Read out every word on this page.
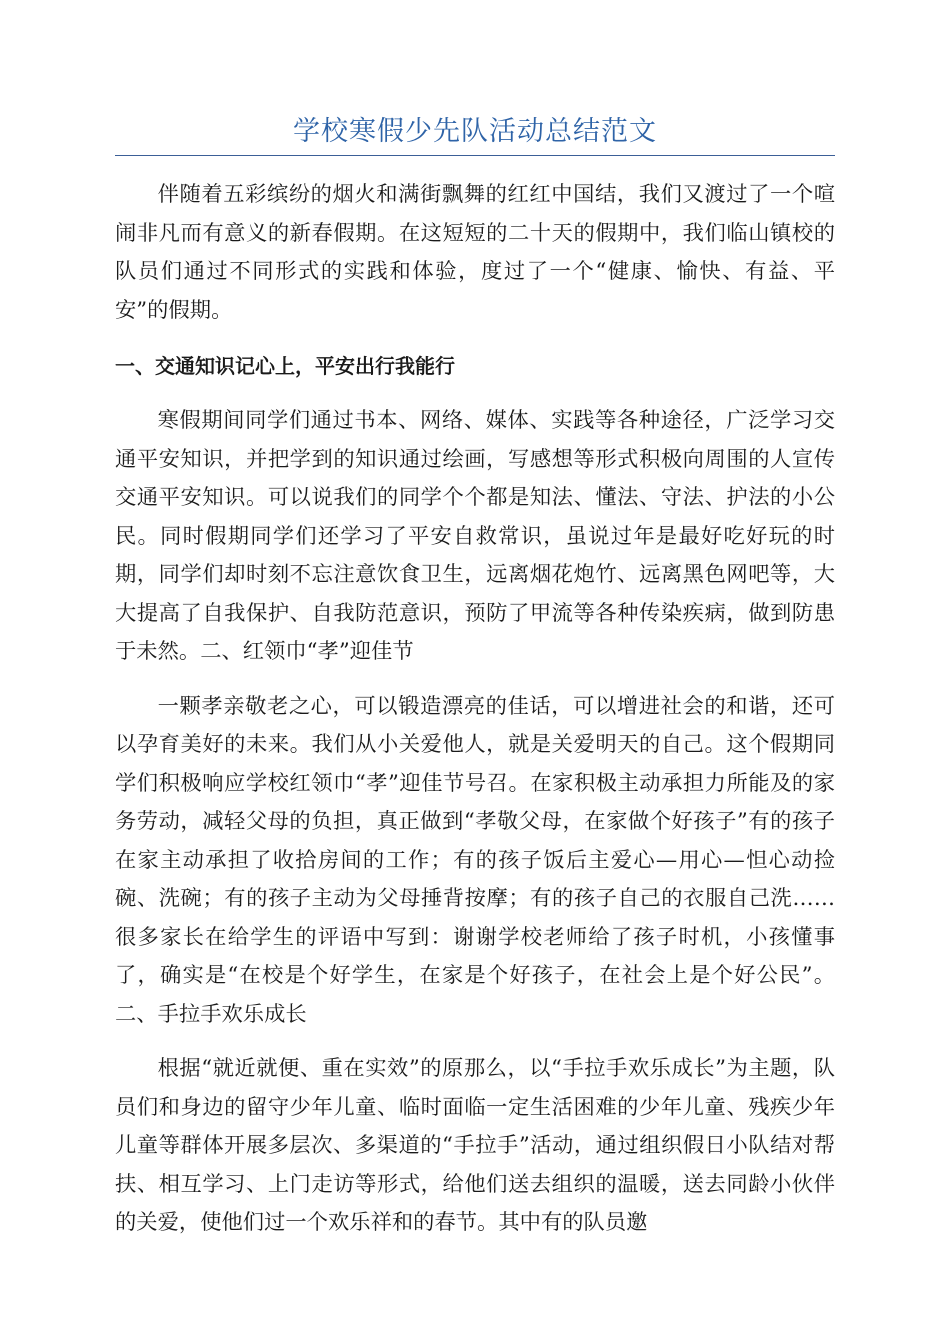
学校寒假少先队活动总结范文

伴随着五彩缤纷的烟火和满街飘舞的红红中国结，我们又渡过了一个喧闹非凡而有意义的新春假期。在这短短的二十天的假期中，我们临山镇校的队员们通过不同形式的实践和体验，度过了一个“健康、愉快、有益、平安”的假期。

一、交通知识记心上，平安出行我能行

寒假期间同学们通过书本、网络、媒体、实践等各种途径，广泛学习交通平安知识，并把学到的知识通过绘画，写感想等形式积极向周围的人宣传交通平安知识。可以说我们的同学个个都是知法、懂法、守法、护法的小公民。同时假期同学们还学习了平安自救常识，虽说过年是最好吃好玩的时期，同学们却时刻不忘注意饮食卫生，远离烟花炮竹、远离黑色网吧等，大大提高了自我保护、自我防范意识，预防了甲流等各种传染疾病，做到防患于未然。二、红领巾“孝”迎佳节

一颗孝亲敬老之心，可以锻造漂亮的佳话，可以增进社会的和谐，还可以孕育美好的未来。我们从小关爱他人，就是关爱明天的自己。这个假期同学们积极响应学校红领巾“孝”迎佳节号召。在家积极主动承担力所能及的家务劳动，减轻父母的负担，真正做到“孝敬父母，在家做个好孩子”有的孩子在家主动承担了收拾房间的工作；有的孩子饭后主爱心—用心—怛心动捡碗、洗碗；有的孩子主动为父母捶背按摩；有的孩子自己的衣服自己洗……很多家长在给学生的评语中写到：谢谢学校老师给了孩子时机，小孩懂事了，确实是“在校是个好学生，在家是个好孩子，在社会上是个好公民”。二、手拉手欢乐成长

根据“就近就便、重在实效”的原那么，以“手拉手欢乐成长”为主题，队员们和身边的留守少年儿童、临时面临一定生活困难的少年儿童、残疾少年儿童等群体开展多层次、多渠道的“手拉手”活动，通过组织假日小队结对帮扶、相互学习、上门走访等形式，给他们送去组织的温暖，送去同龄小伙伴的关爱，使他们过一个欢乐祥和的春节。其中有的队员邀
